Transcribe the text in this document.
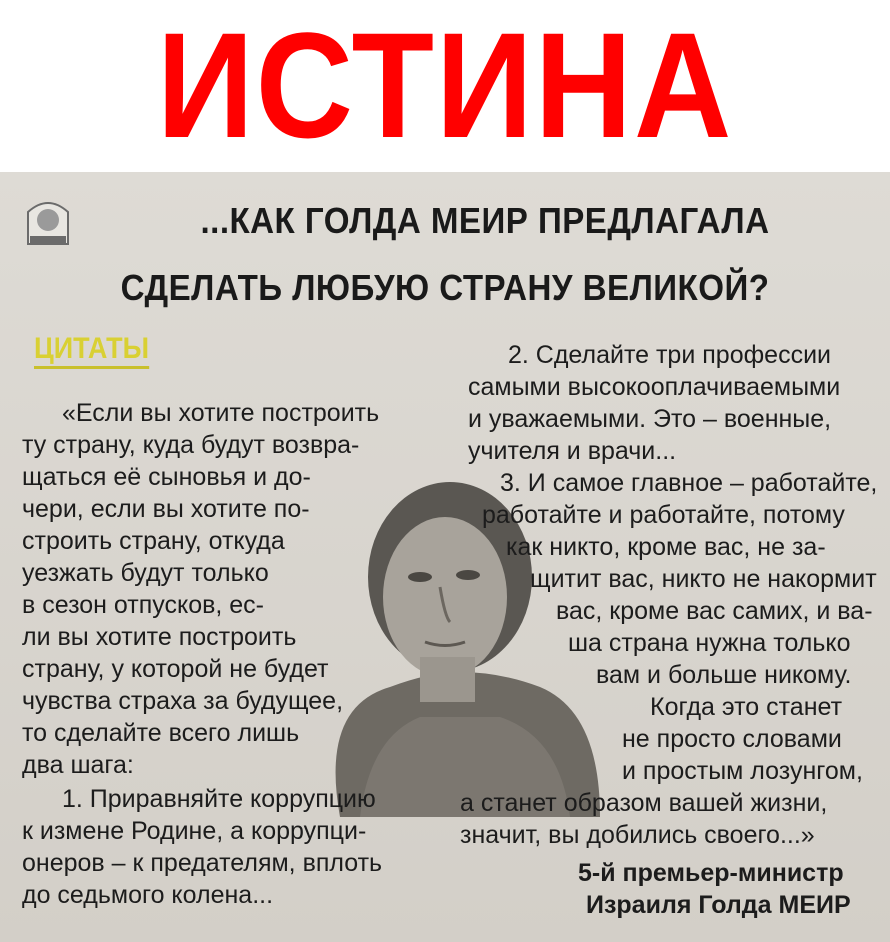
ИСТИНА
...КАК ГОЛДА МЕИР ПРЕДЛАГАЛА
СДЕЛАТЬ ЛЮБУЮ СТРАНУ ВЕЛИКОЙ?
ЦИТАТЫ
«Если вы хотите построить
ту страну, куда будут возвра-
щаться её сыновья и до-
чери, если вы хотите по-
строить страну, откуда
уезжать будут только
в сезон отпусков, ес-
ли вы хотите построить
страну, у которой не будет
чувства страха за будущее,
то сделайте всего лишь
два шага:
1. Приравняйте коррупцию
к измене Родине, а коррупци-
онеров – к предателям, вплоть
до седьмого колена...
2. Сделайте три профессии
самыми высокооплачиваемыми
и уважаемыми. Это – военные,
учителя и врачи...
3. И самое главное – работайте,
работайте и работайте, потому
как никто, кроме вас, не за-
щитит вас, никто не накормит
вас, кроме вас самих, и ва-
ша страна нужна только
вам и больше никому.
Когда это станет
не просто словами
и простым лозунгом,
а станет образом вашей жизни,
значит, вы добились своего...»
5-й премьер-министр
Израиля Голда МЕИР
